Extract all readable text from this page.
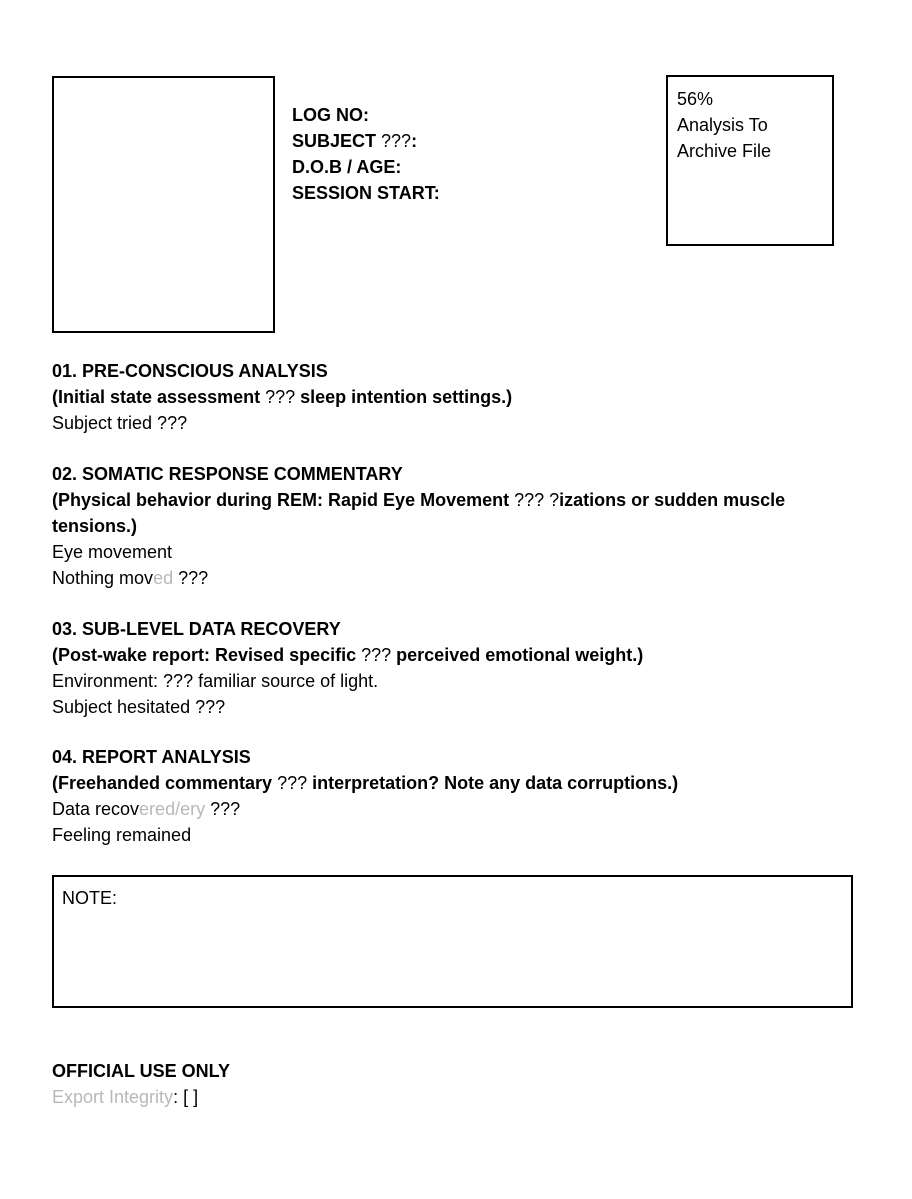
LOG NO:
SUBJECT ???:
D.O.B / AGE:
SESSION START:
56%
Analysis To
Archive File
01. PRE-CONSCIOUS ANALYSIS
(Initial state assessment ??? sleep intention settings.)
Subject tried ???
02. SOMATIC RESPONSE COMMENTARY
(Physical behavior during REM: Rapid Eye Movement ??? ?izations or sudden muscle tensions.)
Eye movement
Nothing moved ???
03. SUB-LEVEL DATA RECOVERY
(Post-wake report: Revised specific ??? perceived emotional weight.)
Environment: ??? familiar source of light.
Subject hesitated ???
04. REPORT ANALYSIS
(Freehanded commentary ??? interpretation? Note any data corruptions.)
Data recovered/ery ???
Feeling remained
NOTE:
OFFICIAL USE ONLY
Export Integrity: [ ]
